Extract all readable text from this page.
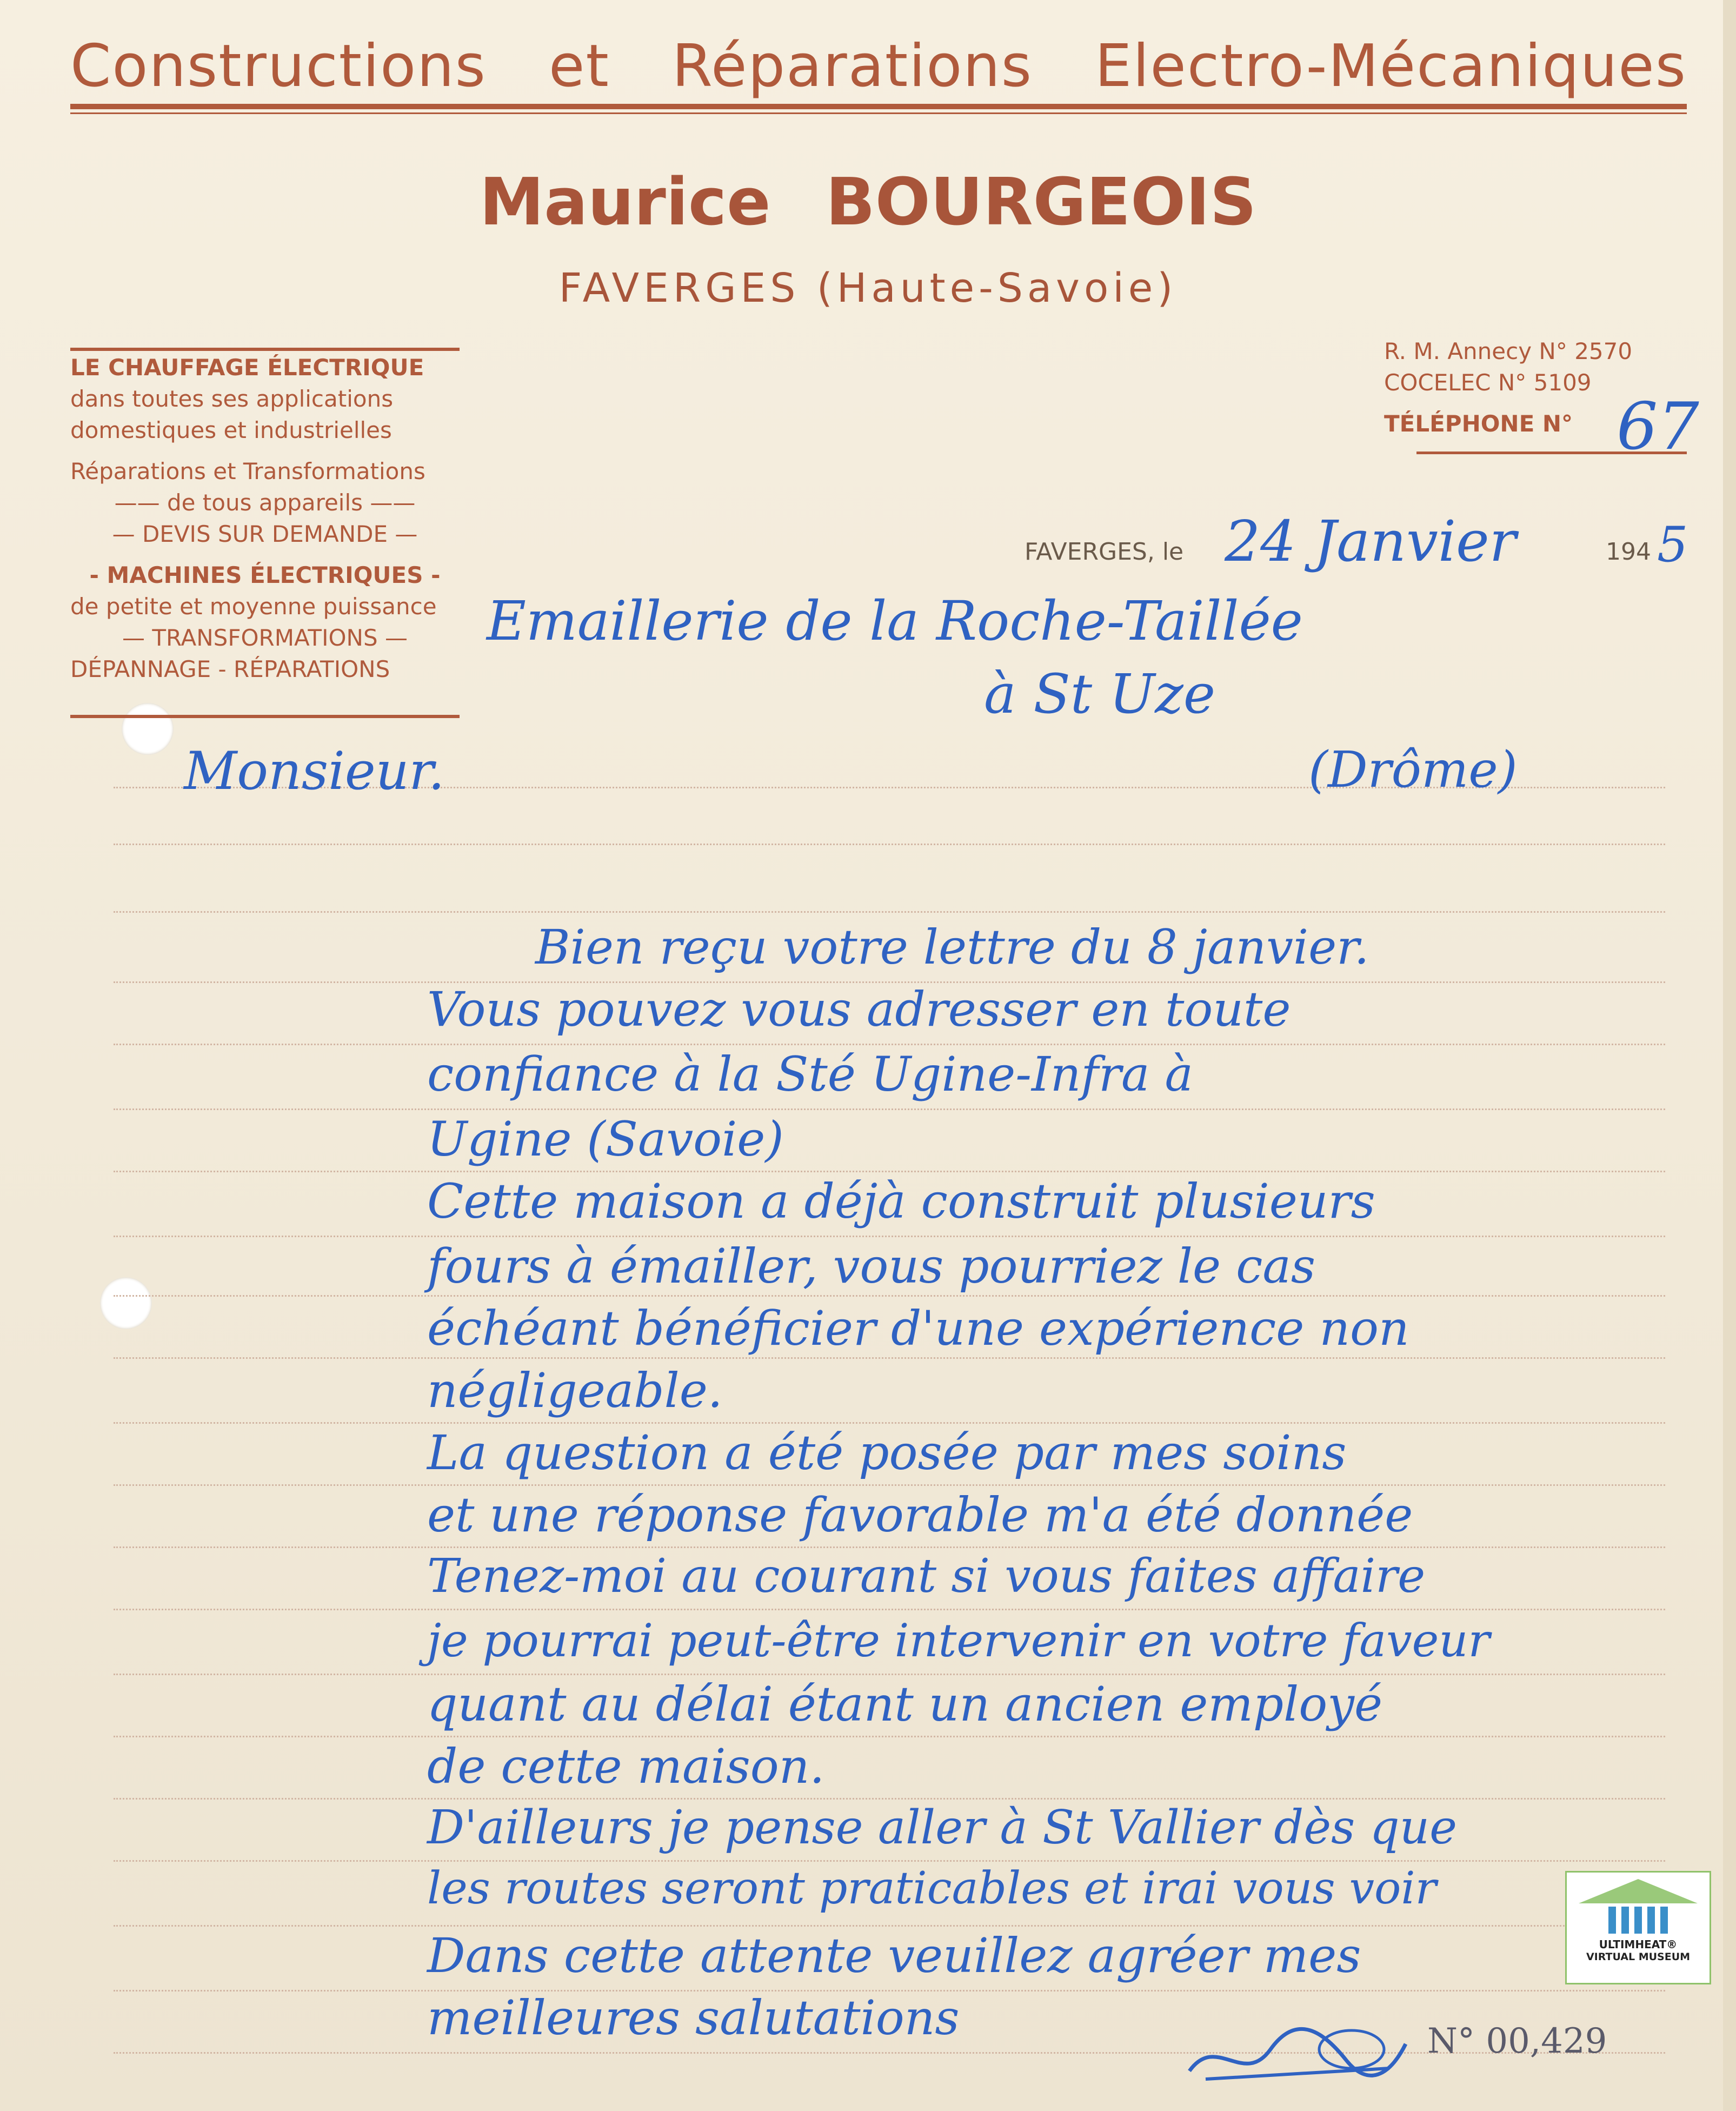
Constructions et Réparations Electro-Mécaniques
Maurice BOURGEOIS
FAVERGES (Haute-Savoie)
LE CHAUFFAGE ÉLECTRIQUE
dans toutes ses applications
domestiques et industrielles
Réparations et Transformations
—— de tous appareils ——
— DEVIS SUR DEMANDE —
- MACHINES ÉLECTRIQUES -
de petite et moyenne puissance
— TRANSFORMATIONS —
DÉPANNAGE - RÉPARATIONS
R. M. Annecy N° 2570
COCELEC N° 5109
TÉLÉPHONE N° 67
FAVERGES, le 24 Janvier	194 5
Emaillerie de la Roche-Taillée
à St Uze
(Drôme)
Monsieur.
Bien reçu votre lettre du 8 janvier.
Vous pouvez vous adresser en toute
confiance à la Sté Ugine-Infra à
Ugine (Savoie)
Cette maison a déjà construit plusieurs
fours à émailler, vous pourriez le cas
échéant bénéficier d'une expérience non
négligeable.
La question a été posée par mes soins
et une réponse favorable m'a été donnée
Tenez-moi au courant si vous faites affaire
je pourrai peut-être intervenir en votre faveur
quant au délai étant un ancien employé
de cette maison.
D'ailleurs je pense aller à St Vallier dès que
les routes seront praticables et irai vous voir
Dans cette attente veuillez agréer mes
meilleures salutations	N° 00,429
ULTIMHEAT®
VIRTUAL MUSEUM
